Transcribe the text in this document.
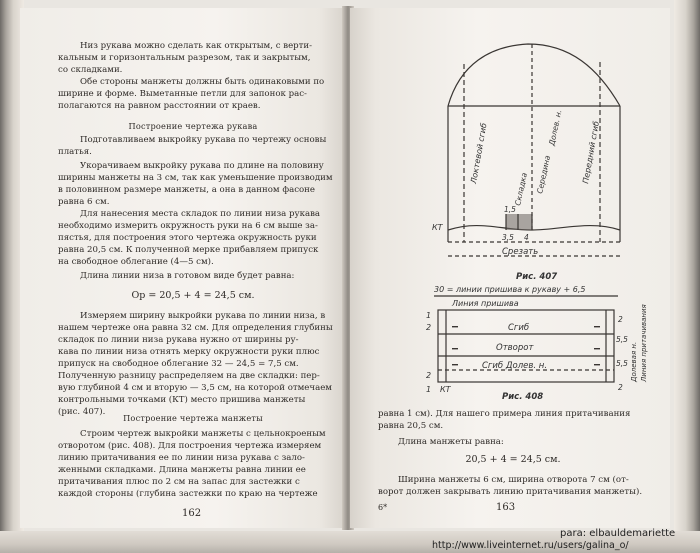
Низ рукава можно сделать как открытым, с верти-
кальным и горизонтальным разрезом, так и закрытым,
со складками.
Обе стороны манжеты должны быть одинаковыми по
ширине и форме. Выметанные петли для запонок рас-
полагаются на равном расстоянии от краев.
Построение чертежа рукава
Подготавливаем выкройку рукава по чертежу основы
платья.
Укорачиваем выкройку рукава по длине на половину
ширины манжеты на 3 см, так как уменьшение производим
в половинном размере манжеты, а она в данном фасоне
равна 6 см.
Для нанесения места складок по линии низа рукава
необходимо измерить окружность руки на 6 см выше за-
пястья, для построения этого чертежа окружность руки
равна 20,5 см. К полученной мерке прибавляем припуск
на свободное облегание (4—5 см).
Длина линии низа в готовом виде будет равна:
Ор = 20,5 + 4 = 24,5 см.
Измеряем ширину выкройки рукава по линии низа, в
нашем чертеже она равна 32 см. Для определения глубины
складок по линии низа рукава нужно от ширины ру-
кава по линии низа отнять мерку окружности руки плюс
припуск на свободное облегание 32 — 24,5 = 7,5 см.
Полученную разницу распределяем на две складки: пер-
вую глубиной 4 см и вторую — 3,5 см, на которой отмечаем
контрольными точками (КТ) место пришива манжеты
(рис. 407).
Построение чертежа манжеты
Строим чертеж выкройки манжеты с цельнокроеным
отворотом (рис. 408). Для построения чертежа измеряем
линию притачивания ее по линии низа рукава с зало-
женными складками. Длина манжеты равна линии ее
притачивания плюс по 2 см на запас для застежки с
каждой стороны (глубина застежки по краю на чертеже
162
КТ
1,5
3,5 4
Срезать
Локтевой сгиб	Передний сгиб
Складка Середина
Долев. н.
Рис. 407
30 = линии пришива к рукаву + 6,5
Линия пришива
Сгиб
Отворот
Сгиб Долев. н.
1
2
2
1 КТ
2
5,5
5,5
2
Долевая н. Линия притачивания
Рис. 408
равна 1 см). Для нашего примера линия притачивания
равна 20,5 см.
Длина манжеты равна:
20,5 + 4 = 24,5 см.
Ширина манжеты 6 см, ширина отворота 7 см (от-
ворот должен закрывать линию притачивания манжеты).
6*	163
para: elbauldemariette
http://www.liveinternet.ru/users/galina_o/
